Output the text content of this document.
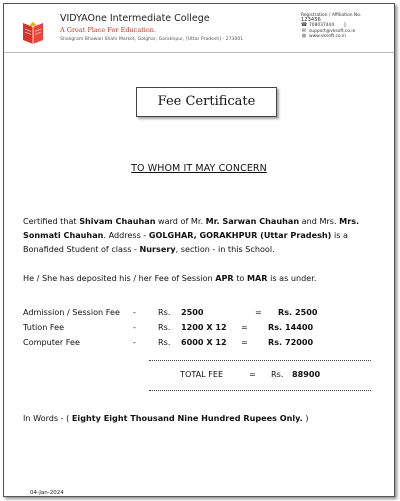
VIDYAOne Intermediate College
A Great Place For Education.
Shaligram Bhawan Shahi Market, Golghar, Gorakhpur, [Uttar Pradesh] - 273001
Registration / Affiliation No.
123456
☎ 708037444	▯
✉ support@vksoft.co.in
◍ www.vksoft.co.in
Fee Certificate
TO WHOM IT MAY CONCERN
Certified that Shivam Chauhan ward of Mr. Mr. Sarwan Chauhan and Mrs. Mrs. Sonmati Chauhan. Address - GOLGHAR, GORAKHPUR (Uttar Pradesh) is a Bonafided Student of class - Nursery, section - in this School.
He / She has deposited his / her Fee of Session APR to MAR is as under.
Admission / Session Fee -	Rs. 2500	= Rs. 2500
Tution Fee	-	Rs. 1200 X 12 = Rs. 14400
Computer Fee	-	Rs. 6000 X 12 = Rs. 72000
TOTAL FEE	= Rs. 88900
In Words - ( Eighty Eight Thousand Nine Hundred Rupees Only. )
04-Jan-2024
